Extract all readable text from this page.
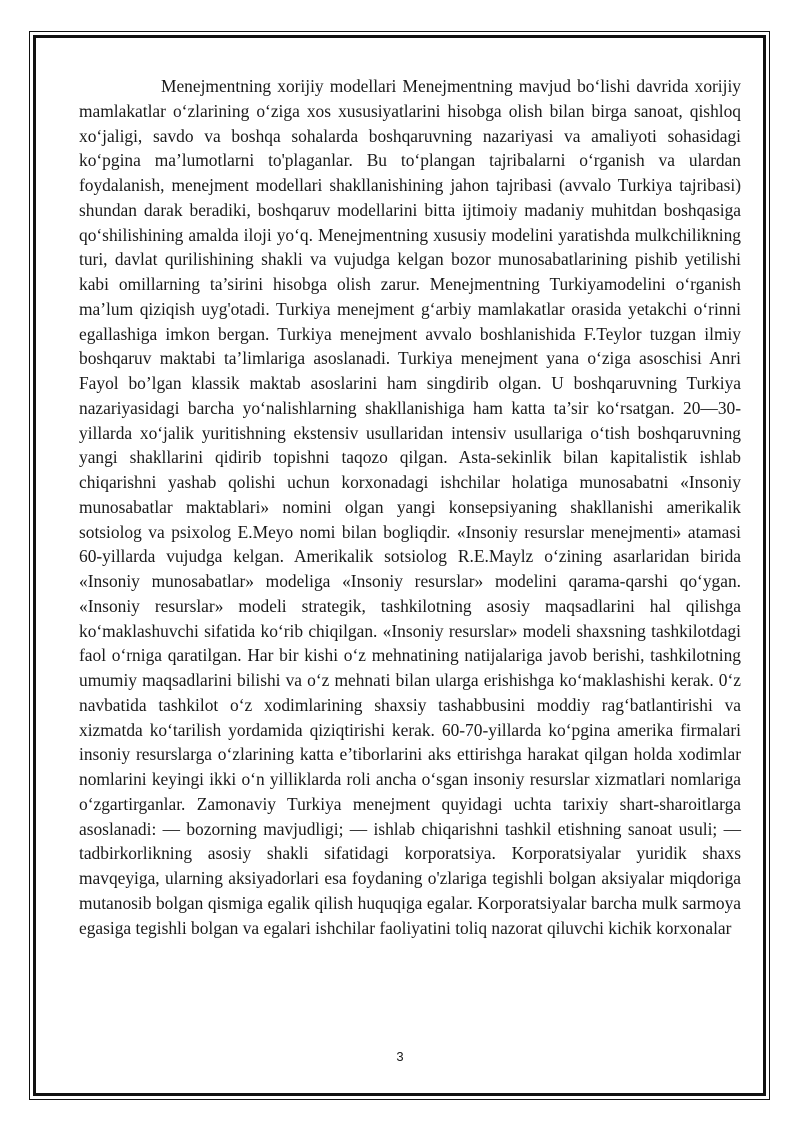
Menejmentning xorijiy modellari Menejmentning mavjud bo‘lishi davrida xorijiy mamlakatlar o‘zlarining o‘ziga xos xususiyatlarini hisobga olish bilan birga sanoat, qishloq xo‘jaligi, savdo va boshqa sohalarda boshqaruvning nazariyasi va amaliyoti sohasidagi ko‘pgina ma’lumotlarni to'plaganlar. Bu to‘plangan tajribalarni o‘rganish va ulardan foydalanish, menejment modellari shakllanishining jahon tajribasi (avvalo Turkiya tajribasi) shundan darak beradiki, boshqaruv modellarini bitta ijtimoiy madaniy muhitdan boshqasiga qo‘shilishining amalda iloji yo‘q. Menejmentning xususiy modelini yaratishda mulkchilikning turi, davlat qurilishining shakli va vujudga kelgan bozor munosabatlarining pishib yetilishi kabi omillarning ta’sirini hisobga olish zarur. Menejmentning Turkiyamodelini o‘rganish ma’lum qiziqish uyg'otadi. Turkiya menejment g‘arbiy mamlakatlar orasida yetakchi o‘rinni egallashiga imkon bergan. Turkiya menejment avvalo boshlanishida F.Teylor tuzgan ilmiy boshqaruv maktabi ta’limlariga asoslanadi. Turkiya menejment yana o‘ziga asoschisi Anri Fayol bo’lgan klassik maktab asoslarini ham singdirib olgan. U boshqaruvning Turkiya nazariyasidagi barcha yo‘nalishlarning shakllanishiga ham katta ta’sir ko‘rsatgan. 20—30-yillarda xo‘jalik yuritishning ekstensiv usullaridan intensiv usullariga o‘tish boshqaruvning yangi shakllarini qidirib topishni taqozo qilgan. Asta-sekinlik bilan kapitalistik ishlab chiqarishni yashab qolishi uchun korxonadagi ishchilar holatiga munosabatni «Insoniy munosabatlar maktablari» nomini olgan yangi konsepsiyaning shakllanishi amerikalik sotsiolog va psixolog E.Meyo nomi bilan bogliqdir. «Insoniy resurslar menejmenti» atamasi 60-yillarda vujudga kelgan. Amerikalik sotsiolog R.E.Maylz o‘zining asarlaridan birida «Insoniy munosabatlar» modeliga «Insoniy resurslar» modelini qarama-qarshi qo‘ygan. «Insoniy resurslar» modeli strategik, tashkilotning asosiy maqsadlarini hal qilishga ko‘maklashuvchi sifatida ko‘rib chiqilgan. «Insoniy resurslar» modeli shaxsning tashkilotdagi faol o‘rniga qaratilgan. Har bir kishi o‘z mehnatining natijalariga javob berishi, tashkilotning umumiy maqsadlarini bilishi va o‘z mehnati bilan ularga erishishga ko‘maklashishi kerak. 0‘z navbatida tashkilot o‘z xodimlarining shaxsiy tashabbusini moddiy rag‘batlantirishi va xizmatda ko‘tarilish yordamida qiziqtirishi kerak. 60-70-yillarda ko‘pgina amerika firmalari insoniy resurslarga o‘zlarining katta e’tiborlarini aks ettirishga harakat qilgan holda xodimlar nomlarini keyingi ikki o‘n yilliklarda roli ancha o‘sgan insoniy resurslar xizmatlari nomlariga o‘zgartirganlar. Zamonaviy Turkiya menejment quyidagi uchta tarixiy shart-sharoitlarga asoslanadi: — bozorning mavjudligi; — ishlab chiqarishni tashkil etishning sanoat usuli; — tadbirkorlikning asosiy shakli sifatidagi korporatsiya. Korporatsiyalar yuridik shaxs mavqeyiga, ularning aksiyadorlari esa foydaning o'zlariga tegishli bolgan aksiyalar miqdoriga mutanosib bolgan qismiga egalik qilish huquqiga egalar. Korporatsiyalar barcha mulk sarmoya egasiga tegishli bolgan va egalari ishchilar faoliyatini toliq nazorat qiluvchi kichik korxonalar

3
